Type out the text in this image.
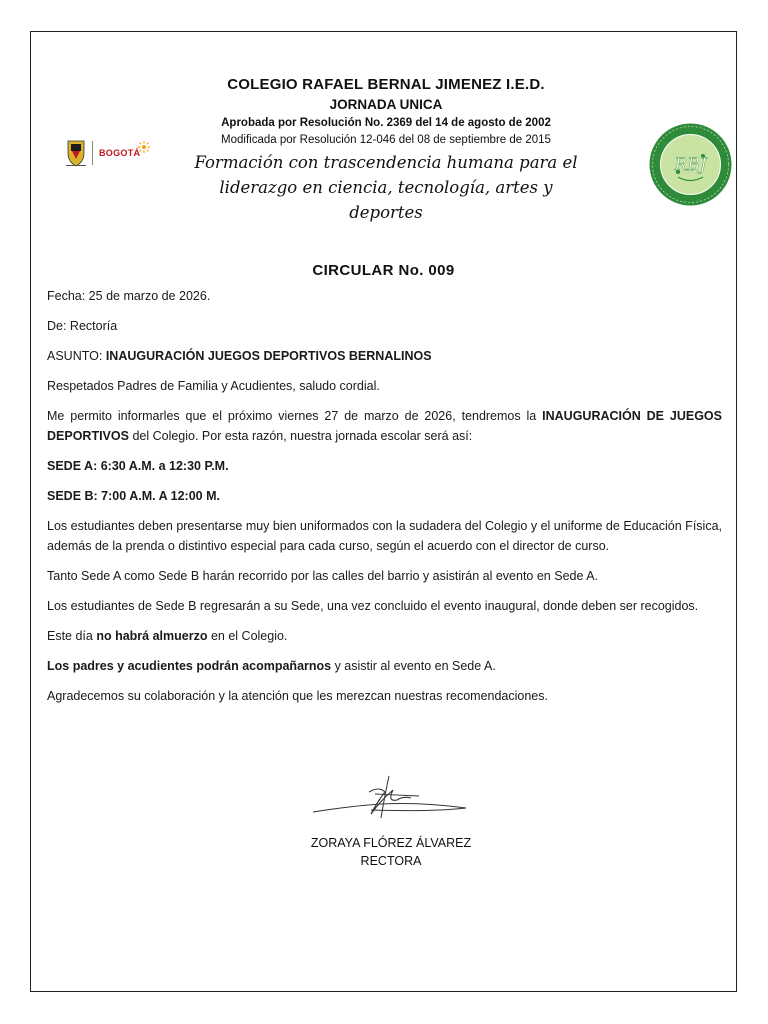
BOGOTÁ
COLEGIO RAFAEL BERNAL JIMENEZ I.E.D.
JORNADA UNICA
Aprobada por Resolución No. 2369 del 14 de agosto de 2002
Modificada por Resolución 12-046 del 08 de septiembre de 2015
Formación con trascendencia humana para el
liderazgo en ciencia, tecnología, artes y deportes
RBJ
CIRCULAR No. 009

Fecha: 25 de marzo de 2026.

De: Rectoría

ASUNTO: INAUGURACIÓN JUEGOS DEPORTIVOS BERNALINOS

Respetados Padres de Familia y Acudientes, saludo cordial.

Me permito informarles que el próximo viernes 27 de marzo de 2026, tendremos la INAUGURACIÓN DE JUEGOS DEPORTIVOS del Colegio. Por esta razón, nuestra jornada escolar será así:

SEDE A: 6:30 A.M. a 12:30 P.M.

SEDE B: 7:00 A.M. A 12:00 M.

Los estudiantes deben presentarse muy bien uniformados con la sudadera del Colegio y el uniforme de Educación Física, además de la prenda o distintivo especial para cada curso, según el acuerdo con el director de curso.

Tanto Sede A como Sede B harán recorrido por las calles del barrio y asistirán al evento en Sede A.

Los estudiantes de Sede B regresarán a su Sede, una vez concluido el evento inaugural, donde deben ser recogidos.

Este día no habrá almuerzo en el Colegio.

Los padres y acudientes podrán acompañarnos y asistir al evento en Sede A.

Agradecemos su colaboración y la atención que les merezcan nuestras recomendaciones.

ZORAYA FLÓREZ ÁLVAREZ
RECTORA
